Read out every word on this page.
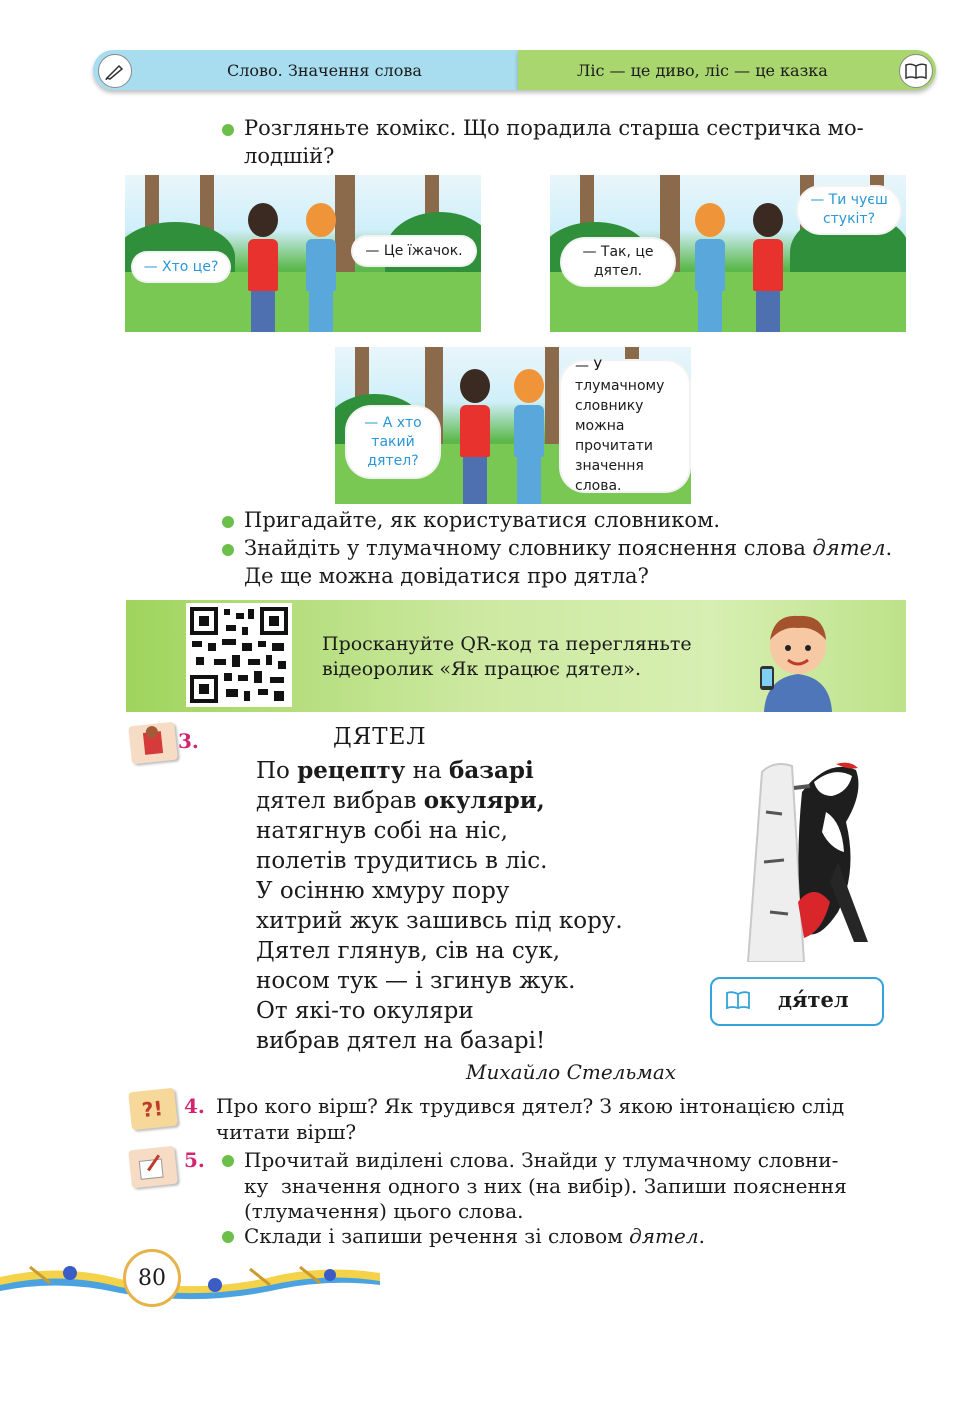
Слово. Значення слова	Ліс — це диво, ліс — це казка
Розгляньте комікс. Що порадила старша сестричка мо-
лодшій?
— Хто це?
— Це їжачок.	— Так, це
дятел.
— Ти чуєш
стукіт?
— А хто
такий
дятел?
— У тлумачному
словнику
можна
прочитати
значення
слова.
Пригадайте, як користуватися словником.
Знайдіть у тлумачному словнику пояснення слова дятел.
Де ще можна довідатися про дятла?
Проскануйте QR-код та перегляньте
відеоролик «Як працює дятел».
3.	ДЯТЕЛ
По рецепту на базарі
дятел вибрав окуляри,
натягнув собі на ніс,
полетів трудитись в ліс.
У осінню хмуру пору
хитрий жук зашивсь під кору.
Дятел глянув, сів на сук,
носом тук — і згинув жук.
От які-то окуляри
вибрав дятел на базарі!
Михайло Стельмах
дя́тел
?! 4. Про кого вірш? Як трудився дятел? З якою інтонацією слід
читати вірш?
5. Прочитай виділені слова. Знайди у тлумачному словни-
ку  значення одного з них (на вибір). Запиши пояснення
(тлумачення) цього слова.
Склади і запиши речення зі словом дятел.
80
